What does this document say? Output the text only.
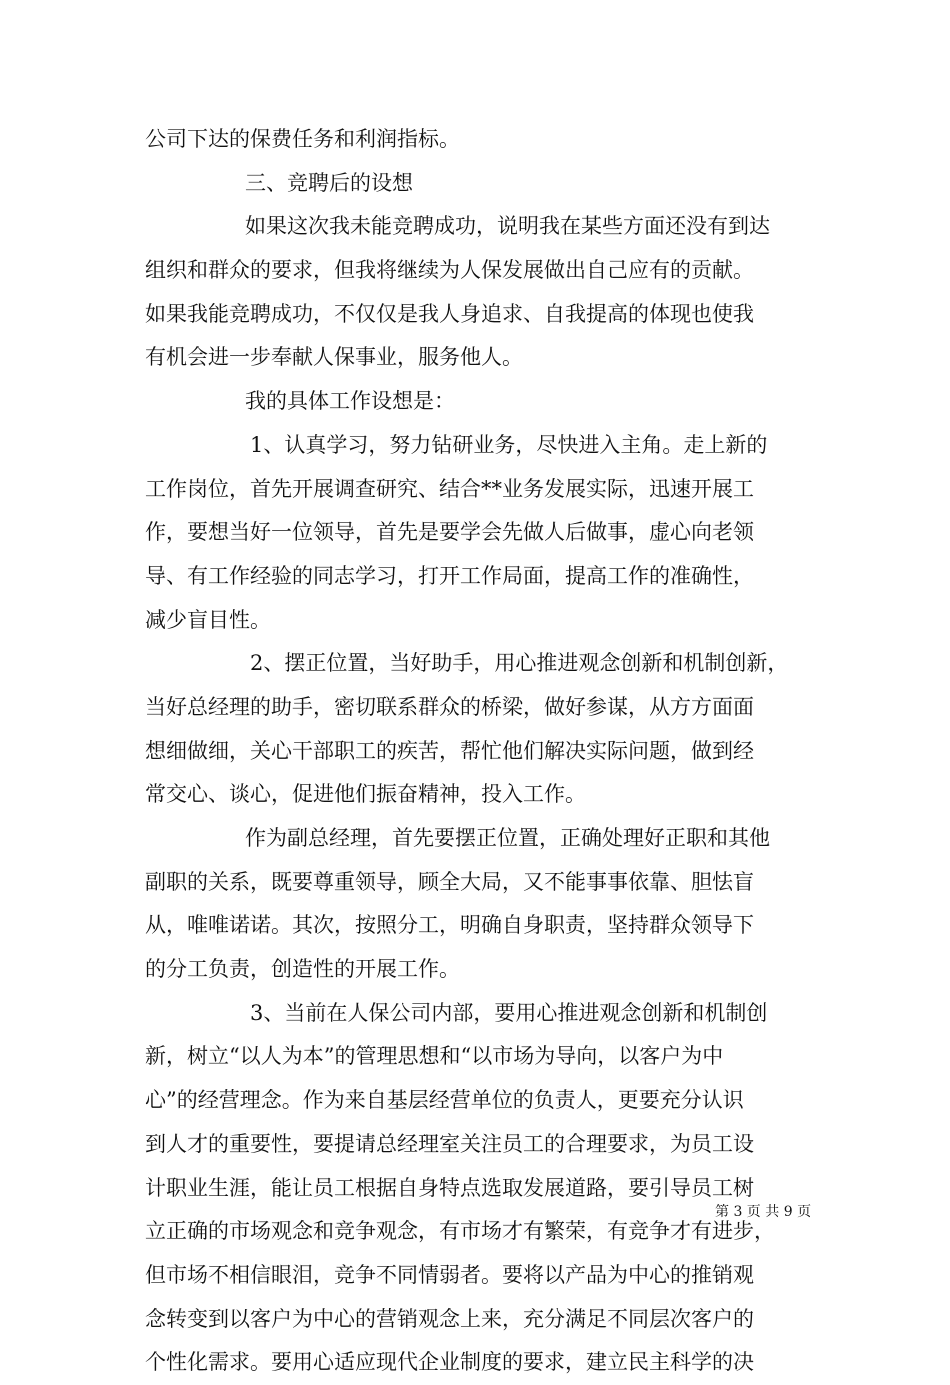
公司下达的保费任务和利润指标。
三、竞聘后的设想
如果这次我未能竞聘成功，说明我在某些方面还没有到达
组织和群众的要求，但我将继续为人保发展做出自己应有的贡献。
如果我能竞聘成功，不仅仅是我人身追求、自我提高的体现也使我
有机会进一步奉献人保事业，服务他人。
我的具体工作设想是：
1、认真学习，努力钻研业务，尽快进入主角。走上新的
工作岗位，首先开展调查研究、结合**业务发展实际，迅速开展工
作，要想当好一位领导，首先是要学会先做人后做事，虚心向老领
导、有工作经验的同志学习，打开工作局面，提高工作的准确性，
减少盲目性。
2、摆正位置，当好助手，用心推进观念创新和机制创新，
当好总经理的助手，密切联系群众的桥梁，做好参谋，从方方面面
想细做细，关心干部职工的疾苦，帮忙他们解决实际问题，做到经
常交心、谈心，促进他们振奋精神，投入工作。
作为副总经理，首先要摆正位置，正确处理好正职和其他
副职的关系，既要尊重领导，顾全大局，又不能事事依靠、胆怯盲
从，唯唯诺诺。其次，按照分工，明确自身职责，坚持群众领导下
的分工负责，创造性的开展工作。
3、当前在人保公司内部，要用心推进观念创新和机制创
新，树立“以人为本”的管理思想和“以市场为导向，以客户为中
心”的经营理念。作为来自基层经营单位的负责人，更要充分认识
到人才的重要性，要提请总经理室关注员工的合理要求，为员工设
计职业生涯，能让员工根据自身特点选取发展道路，要引导员工树
立正确的市场观念和竞争观念，有市场才有繁荣，有竞争才有进步，
但市场不相信眼泪，竞争不同情弱者。要将以产品为中心的推销观
念转变到以客户为中心的营销观念上来，充分满足不同层次客户的
个性化需求。要用心适应现代企业制度的要求，建立民主科学的决
第 3 页 共 9 页
